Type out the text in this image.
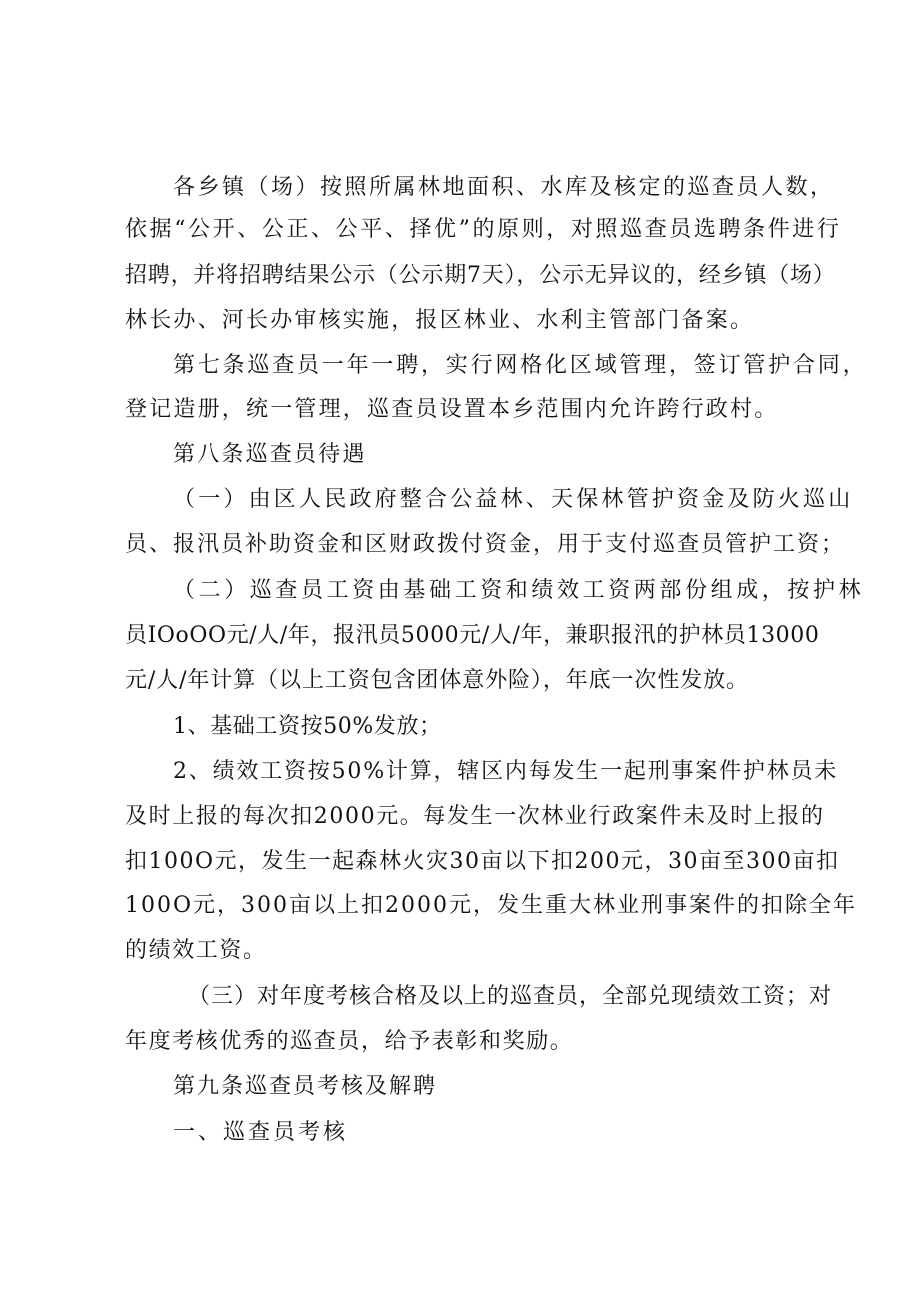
各乡镇（场）按照所属林地面积、水库及核定的巡查员人数，
依据“公开、公正、公平、择优”的原则，对照巡查员选聘条件进行
招聘，并将招聘结果公示（公示期7天），公示无异议的，经乡镇（场）
林长办、河长办审核实施，报区林业、水利主管部门备案。
第七条巡查员一年一聘，实行网格化区域管理，签订管护合同，
登记造册，统一管理，巡查员设置本乡范围内允许跨行政村。
第八条巡查员待遇
（一）由区人民政府整合公益林、天保林管护资金及防火巡山
员、报汛员补助资金和区财政拨付资金，用于支付巡查员管护工资；
（二）巡查员工资由基础工资和绩效工资两部份组成，按护林
员IOoOO元/人/年，报汛员5000元/人/年，兼职报汛的护林员13000
元/人/年计算（以上工资包含团体意外险），年底一次性发放。
1、基础工资按50%发放；
2、绩效工资按50%计算，辖区内每发生一起刑事案件护林员未
及时上报的每次扣2000元。每发生一次林业行政案件未及时上报的
扣100O元，发生一起森林火灾30亩以下扣200元，30亩至300亩扣
100O元，300亩以上扣2000元，发生重大林业刑事案件的扣除全年
的绩效工资。
（三）对年度考核合格及以上的巡查员，全部兑现绩效工资；对
年度考核优秀的巡查员，给予表彰和奖励。
第九条巡查员考核及解聘
一、巡查员考核
